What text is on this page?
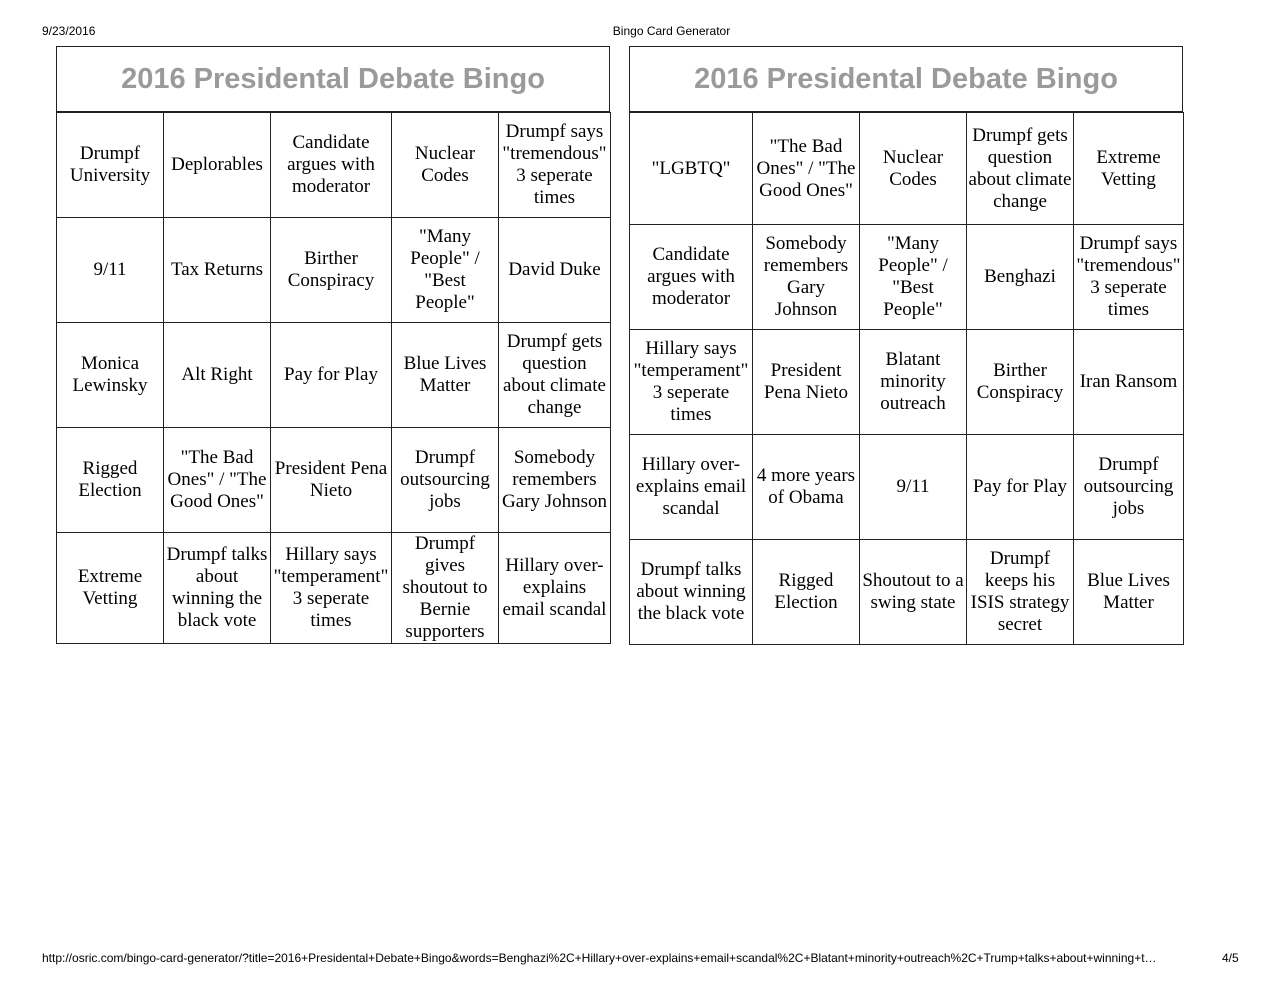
9/23/2016	Bingo Card Generator
2016 Presidental Debate Bingo
Drumpf University	Deplorables	Candidate argues with moderator	Nuclear Codes	Drumpf says "tremendous" 3 seperate times
9/11	Tax Returns	Birther Conspiracy	"Many People" / "Best People"	David Duke
Monica Lewinsky	Alt Right	Pay for Play	Blue Lives Matter	Drumpf gets question about climate change
Rigged Election	"The Bad Ones" / "The Good Ones"	President Pena Nieto	Drumpf outsourcing jobs	Somebody remembers Gary Johnson
Extreme Vetting	Drumpf talks about winning the black vote	Hillary says "temperament" 3 seperate times	Drumpf gives shoutout to Bernie supporters	Hillary over-explains email scandal
2016 Presidental Debate Bingo
"LGBTQ"	"The Bad Ones" / "The Good Ones"	Nuclear Codes	Drumpf gets question about climate change	Extreme Vetting
Candidate argues with moderator	Somebody remembers Gary Johnson	"Many People" / "Best People"	Benghazi	Drumpf says "tremendous" 3 seperate times
Hillary says "temperament" 3 seperate times	President Pena Nieto	Blatant minority outreach	Birther Conspiracy	Iran Ransom
Hillary over-explains email scandal	4 more years of Obama	9/11	Pay for Play	Drumpf outsourcing jobs
Drumpf talks about winning the black vote	Rigged Election	Shoutout to a swing state	Drumpf keeps his ISIS strategy secret	Blue Lives Matter
http://osric.com/bingo-card-generator/?title=2016+Presidental+Debate+Bingo&words=Benghazi%2C+Hillary+over-explains+email+scandal%2C+Blatant+minority+outreach%2C+Trump+talks+about+winning+t…	4/5
